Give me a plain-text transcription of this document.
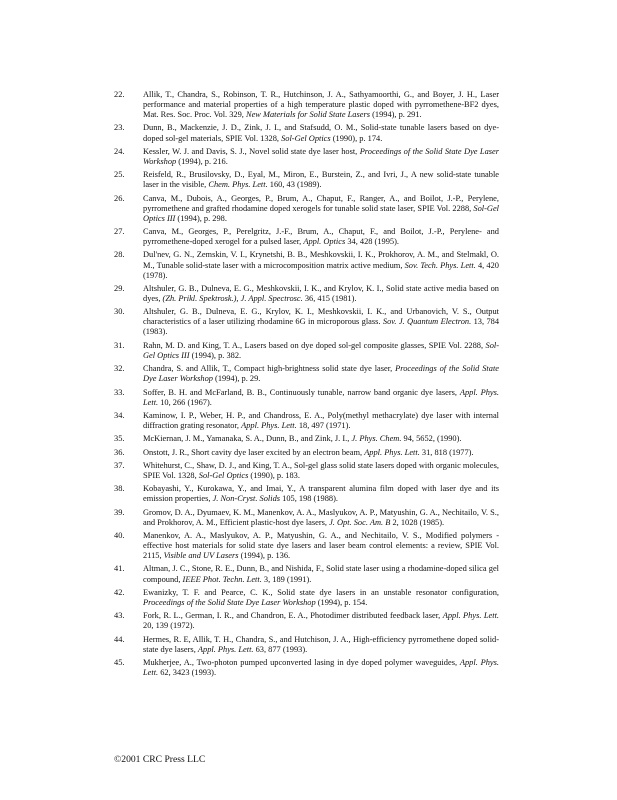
22. Allik, T., Chandra, S., Robinson, T. R., Hutchinson, J. A., Sathyamoorthi, G., and Boyer, J. H., Laser performance and material properties of a high temperature plastic doped with pyrromethene-BF2 dyes, Mat. Res. Soc. Proc. Vol. 329, New Materials for Solid State Lasers (1994), p. 291.
23. Dunn, B., Mackenzie, J. D., Zink, J. I., and Stafsudd, O. M., Solid-state tunable lasers based on dye-doped sol-gel materials, SPIE Vol. 1328, Sol-Gel Optics (1990), p. 174.
24. Kessler, W. J. and Davis, S. J., Novel solid state dye laser host, Proceedings of the Solid State Dye Laser Workshop (1994), p. 216.
25. Reisfeld, R., Brusilovsky, D., Eyal, M., Miron, E., Burstein, Z., and Ivri, J., A new solid-state tunable laser in the visible, Chem. Phys. Lett. 160, 43 (1989).
26. Canva, M., Dubois, A., Georges, P., Brum, A., Chaput, F., Ranger, A., and Boilot, J.-P., Perylene, pyrromethene and grafted rhodamine doped xerogels for tunable solid state laser, SPIE Vol. 2288, Sol-Gel Optics III (1994), p. 298.
27. Canva, M., Georges, P., Perelgritz, J.-F., Brum, A., Chaput, F., and Boilot, J.-P., Perylene- and pyrromethene-doped xerogel for a pulsed laser, Appl. Optics 34, 428 (1995).
28. Dul'nev, G. N., Zemskin, V. I., Krynetshi, B. B., Meshkovskii, I. K., Prokhorov, A. M., and Stelmakl, O. M., Tunable solid-state laser with a microcomposition matrix active medium, Sov. Tech. Phys. Lett. 4, 420 (1978).
29. Altshuler, G. B., Dulneva, E. G., Meshkovskii, I. K., and Krylov, K. I., Solid state active media based on dyes, (Zh. Prikl. Spektrosk.), J. Appl. Spectrosc. 36, 415 (1981).
30. Altshuler, G. B., Dulneva, E. G., Krylov, K. I., Meshkovskii, I. K., and Urbanovich, V. S., Output characteristics of a laser utilizing rhodamine 6G in microporous glass. Sov. J. Quantum Electron. 13, 784 (1983).
31. Rahn, M. D. and King, T. A., Lasers based on dye doped sol-gel composite glasses, SPIE Vol. 2288, Sol-Gel Optics III (1994), p. 382.
32. Chandra, S. and Allik, T., Compact high-brightness solid state dye laser, Proceedings of the Solid State Dye Laser Workshop (1994), p. 29.
33. Soffer, B. H. and McFarland, B. B., Continuously tunable, narrow band organic dye lasers, Appl. Phys. Lett. 10, 266 (1967).
34. Kaminow, I. P., Weber, H. P., and Chandross, E. A., Poly(methyl methacrylate) dye laser with internal diffraction grating resonator, Appl. Phys. Lett. 18, 497 (1971).
35. McKiernan, J. M., Yamanaka, S. A., Dunn, B., and Zink, J. I., J. Phys. Chem. 94, 5652, (1990).
36. Onstott, J. R., Short cavity dye laser excited by an electron beam, Appl. Phys. Lett. 31, 818 (1977).
37. Whitehurst, C., Shaw, D. J., and King, T. A., Sol-gel glass solid state lasers doped with organic molecules, SPIE Vol. 1328, Sol-Gel Optics (1990), p. 183.
38. Kobayashi, Y., Kurokawa, Y., and Imai, Y., A transparent alumina film doped with laser dye and its emission properties, J. Non-Cryst. Solids 105, 198 (1988).
39. Gromov, D. A., Dyumaev, K. M., Manenkov, A. A., Maslyukov, A. P., Matyushin, G. A., Nechitailo, V. S., and Prokhorov, A. M., Efficient plastic-host dye lasers, J. Opt. Soc. Am. B 2, 1028 (1985).
40. Manenkov, A. A., Maslyukov, A. P., Matyushin, G. A., and Nechitailo, V. S., Modified polymers - effective host materials for solid state dye lasers and laser beam control elements: a review, SPIE Vol. 2115, Visible and UV Lasers (1994), p. 136.
41. Altman, J. C., Stone, R. E., Dunn, B., and Nishida, F., Solid state laser using a rhodamine-doped silica gel compound, IEEE Phot. Techn. Lett. 3, 189 (1991).
42. Ewanizky, T. F. and Pearce, C. K., Solid state dye lasers in an unstable resonator configuration, Proceedings of the Solid State Dye Laser Workshop (1994), p. 154.
43. Fork, R. L., German, I. R., and Chandron, E. A., Photodimer distributed feedback laser, Appl. Phys. Lett. 20, 139 (1972).
44. Hermes, R. E, Allik, T. H., Chandra, S., and Hutchison, J. A., High-efficiency pyrromethene doped solid-state dye lasers, Appl. Phys. Lett. 63, 877 (1993).
45. Mukherjee, A., Two-photon pumped upconverted lasing in dye doped polymer waveguides, Appl. Phys. Lett. 62, 3423 (1993).
©2001 CRC Press LLC
